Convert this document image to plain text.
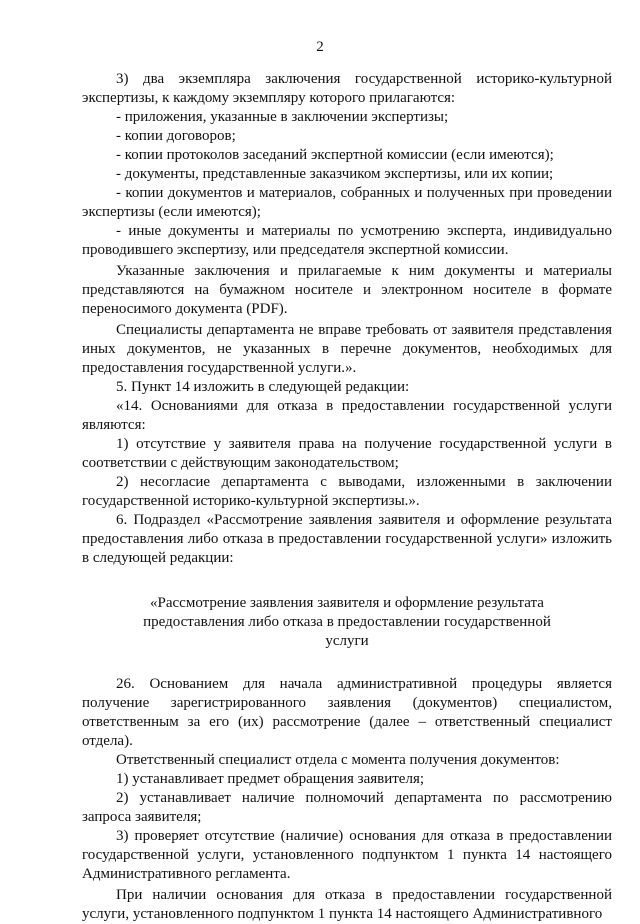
2

3) два экземпляра заключения государственной историко-культурной экспертизы, к каждому экземпляру которого прилагаются:

- приложения, указанные в заключении экспертизы;

- копии договоров;

- копии протоколов заседаний экспертной комиссии (если имеются);

- документы, представленные заказчиком экспертизы, или их копии;

- копии документов и материалов, собранных и полученных при проведении экспертизы (если имеются);

- иные документы и материалы по усмотрению эксперта, индивидуально проводившего экспертизу, или председателя экспертной комиссии.

Указанные заключения и прилагаемые к ним документы и материалы представляются на бумажном носителе и электронном носителе в формате переносимого документа (PDF).

Специалисты департамента не вправе требовать от заявителя представления иных документов, не указанных в перечне документов, необходимых для предоставления государственной услуги.».

5. Пункт 14 изложить в следующей редакции:

«14. Основаниями для отказа в предоставлении государственной услуги являются:

1) отсутствие у заявителя права на получение государственной услуги в соответствии с действующим законодательством;

2) несогласие департамента с выводами, изложенными в заключении государственной историко-культурной экспертизы.».

6. Подраздел «Рассмотрение заявления заявителя и оформление результата предоставления либо отказа в предоставлении государственной услуги» изложить в следующей редакции:

«Рассмотрение заявления заявителя и оформление результата предоставления либо отказа в предоставлении государственной услуги

26. Основанием для начала административной процедуры является получение зарегистрированного заявления (документов) специалистом, ответственным за его (их) рассмотрение (далее – ответственный специалист отдела).

Ответственный специалист отдела с момента получения документов:

1) устанавливает предмет обращения заявителя;

2) устанавливает наличие полномочий департамента по рассмотрению запроса заявителя;

3) проверяет отсутствие (наличие) основания для отказа в предоставлении государственной услуги, установленного подпунктом 1 пункта 14 настоящего Административного регламента.

При наличии основания для отказа в предоставлении государственной услуги, установленного подпунктом 1 пункта 14 настоящего Административного
